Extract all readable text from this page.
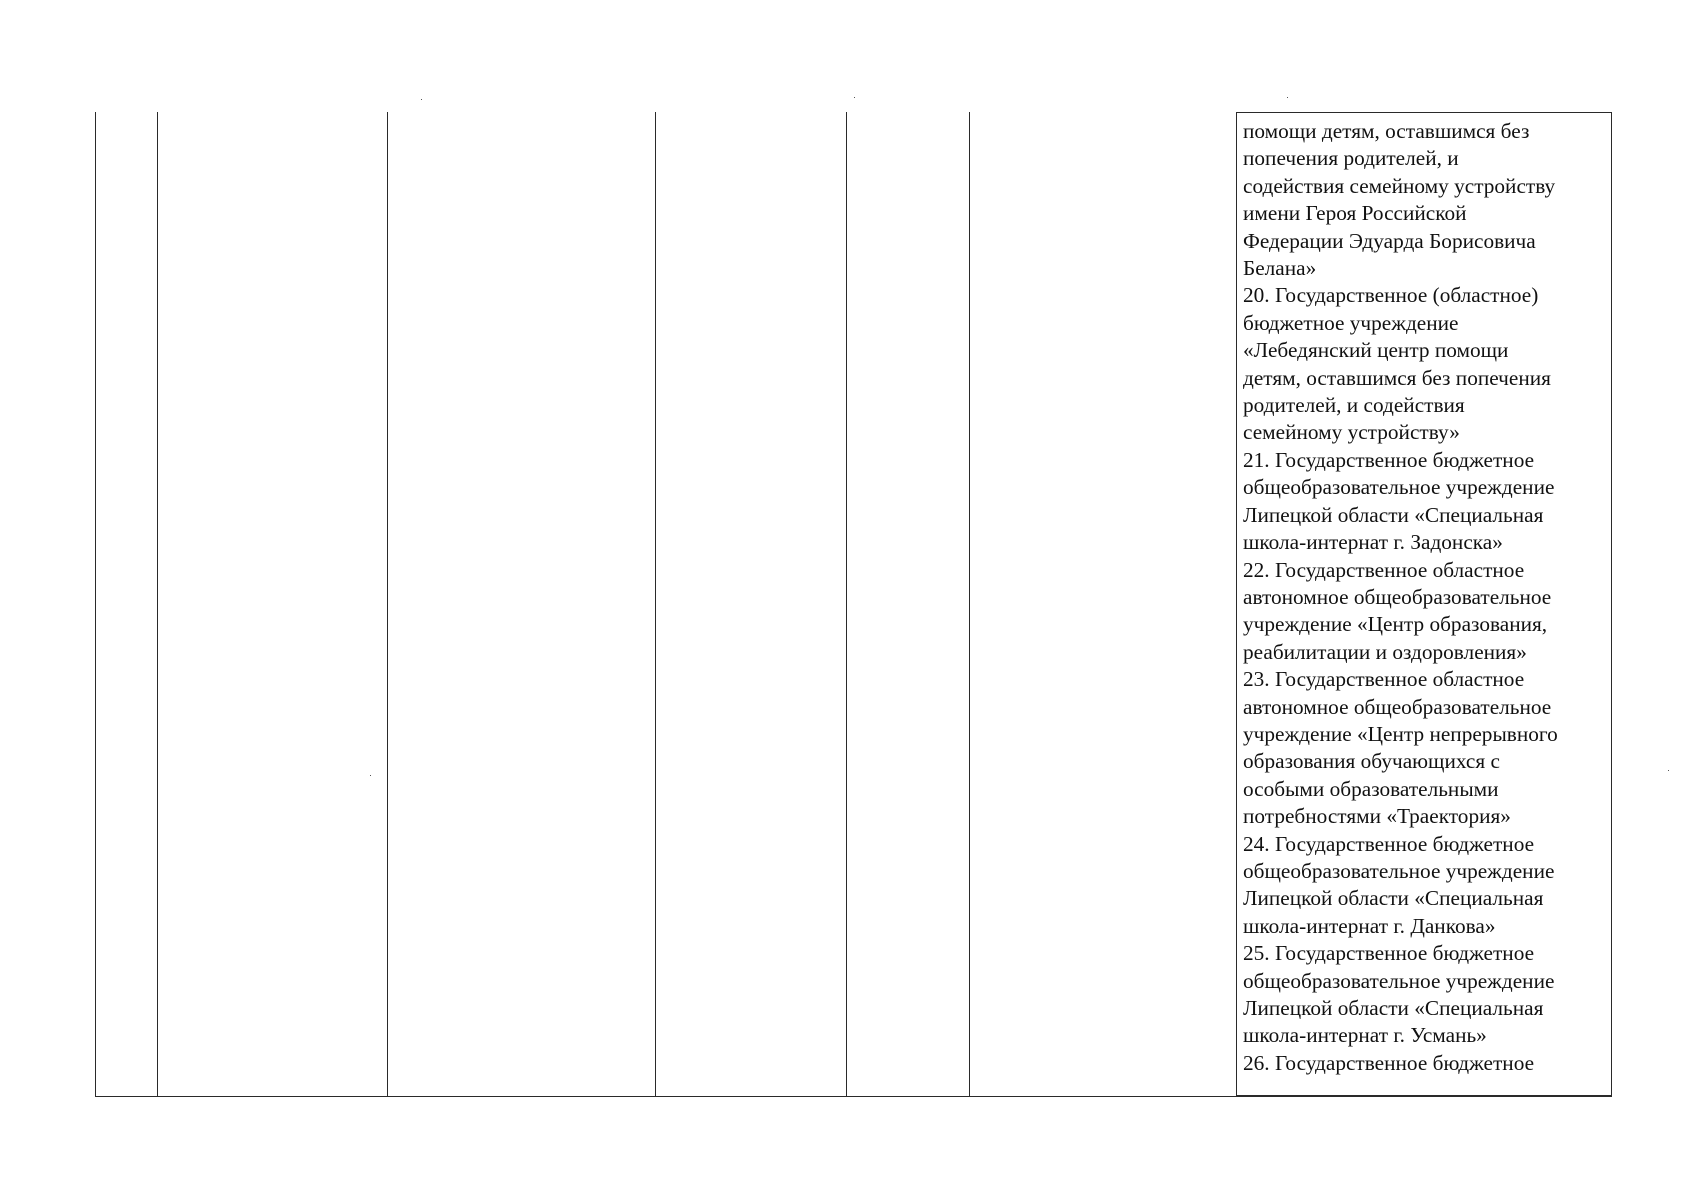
помощи детям, оставшимся без
попечения родителей, и
содействия семейному устройству
имени Героя Российской
Федерации Эдуарда Борисовича
Белана»
20. Государственное (областное)
бюджетное учреждение
«Лебедянский центр помощи
детям, оставшимся без попечения
родителей, и содействия
семейному устройству»
21. Государственное бюджетное
общеобразовательное учреждение
Липецкой области «Специальная
школа-интернат г. Задонска»
22. Государственное областное
автономное общеобразовательное
учреждение «Центр образования,
реабилитации и оздоровления»
23. Государственное областное
автономное общеобразовательное
учреждение «Центр непрерывного
образования обучающихся с
особыми образовательными
потребностями «Траектория»
24. Государственное бюджетное
общеобразовательное учреждение
Липецкой области «Специальная
школа-интернат г. Данкова»
25. Государственное бюджетное
общеобразовательное учреждение
Липецкой области «Специальная
школа-интернат г. Усмань»
26. Государственное бюджетное
